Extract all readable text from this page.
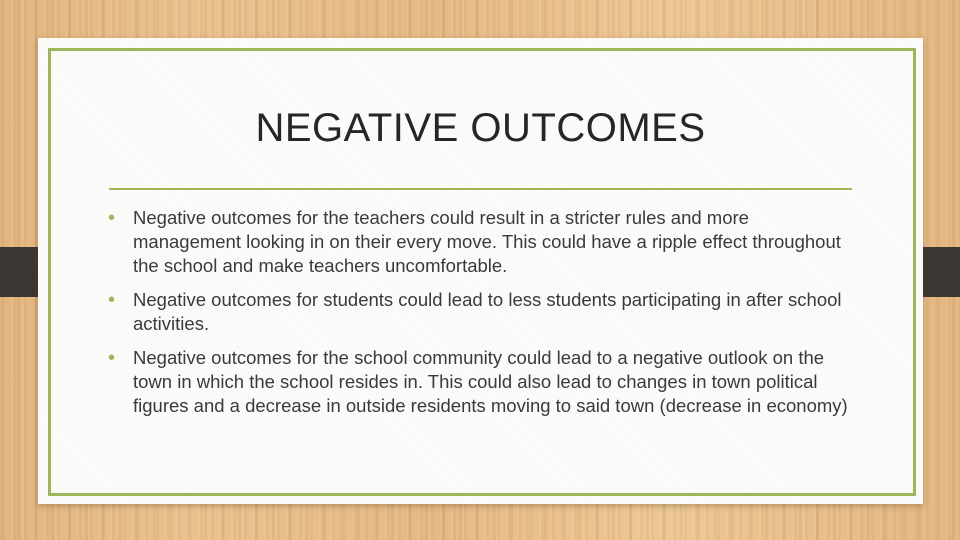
NEGATIVE OUTCOMES
• Negative outcomes for the teachers could result in a stricter rules and more management looking in on their every move. This could have a ripple effect throughout the school and make teachers uncomfortable.
• Negative outcomes for students could lead to less students participating in after school activities.
• Negative outcomes for the school community could lead to a negative outlook on the town in which the school resides in. This could also lead to changes in town political figures and a decrease in outside residents moving to said town (decrease in economy)
